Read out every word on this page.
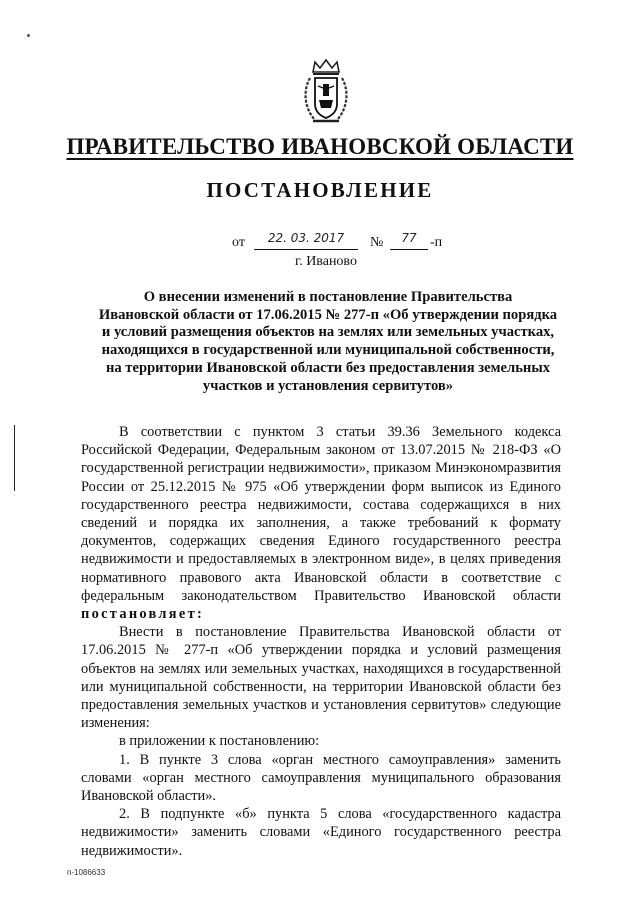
ПРАВИТЕЛЬСТВО ИВАНОВСКОЙ ОБЛАСТИ
ПОСТАНОВЛЕНИЕ
от	22. 03. 2017	№	77 -п
г. Иваново
О внесении изменений в постановление Правительства
Ивановской области от 17.06.2015 № 277-п «Об утверждении порядка
и условий размещения объектов на землях или земельных участках,
находящихся в государственной или муниципальной собственности,
на территории Ивановской области без предоставления земельных
участков и установления сервитутов»

В соответствии с пунктом 3 статьи 39.36 Земельного кодекса Российской Федерации, Федеральным законом от 13.07.2015 № 218-ФЗ «О государственной регистрации недвижимости», приказом Минэкономразвития России от 25.12.2015 № 975 «Об утверждении форм выписок из Единого государственного реестра недвижимости, состава содержащихся в них сведений и порядка их заполнения, а также требований к формату документов, содержащих сведения Единого государственного реестра недвижимости и предоставляемых в электронном виде», в целях приведения нормативного правового акта Ивановской области в соответствие с федеральным законодательством Правительство Ивановской области постановляет:

Внести в постановление Правительства Ивановской области от 17.06.2015 № 277-п «Об утверждении порядка и условий размещения объектов на землях или земельных участках, находящихся в государственной или муниципальной собственности, на территории Ивановской области без предоставления земельных участков и установления сервитутов» следующие изменения:

в приложении к постановлению:

1. В пункте 3 слова «орган местного самоуправления» заменить словами «орган местного самоуправления муниципального образования Ивановской области».

2. В подпункте «б» пункта 5 слова «государственного кадастра недвижимости» заменить словами «Единого государственного реестра недвижимости».

п-1086633
